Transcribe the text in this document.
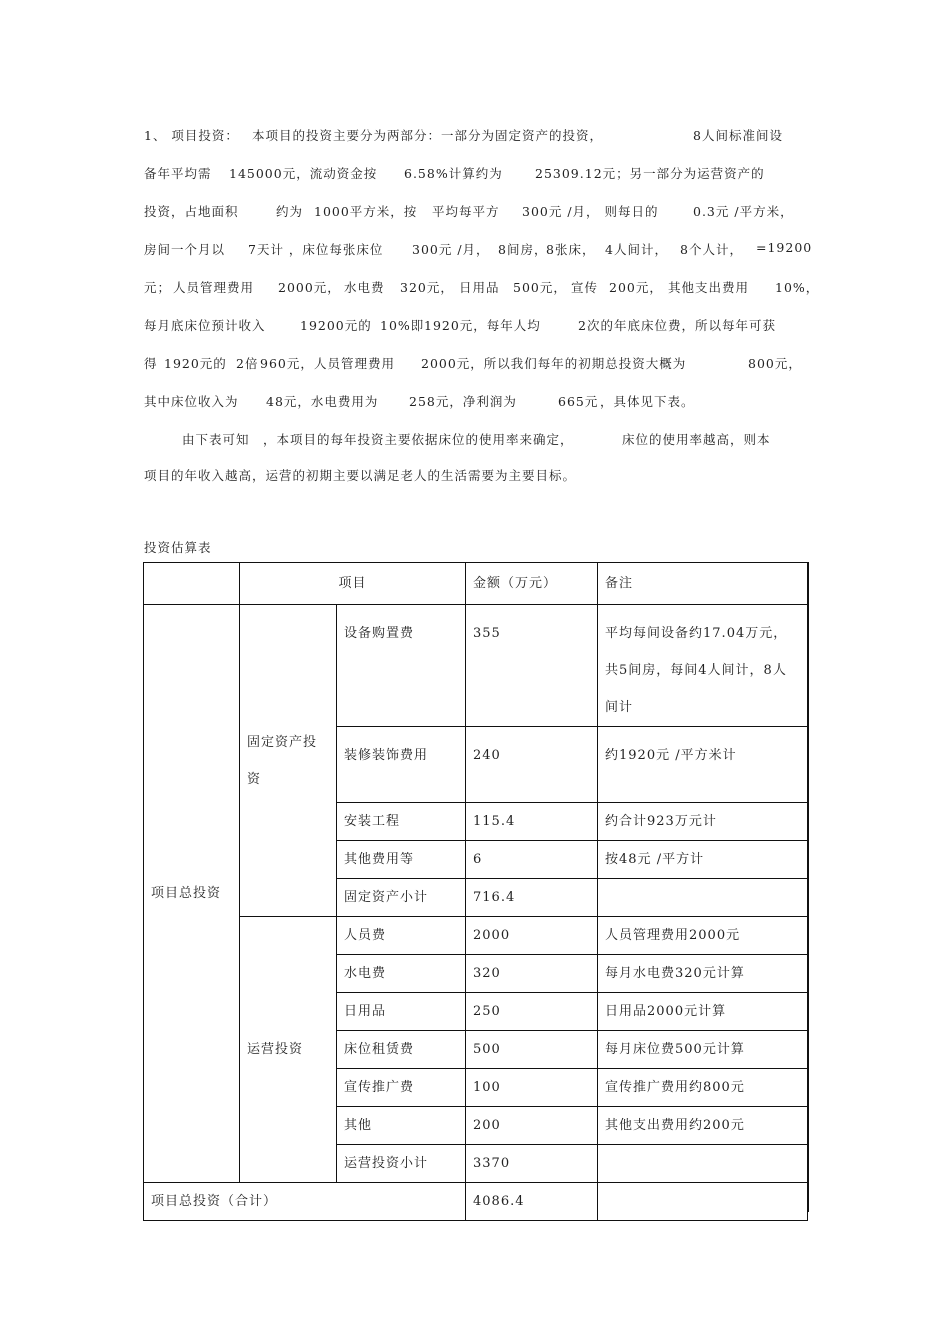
1、 项目投资： 本项目的投资主要分为两部分：一部分为固定资产的投资，	8人间标准间设
备年平均需 145000元，流动资金按 6.58%计算约为	25309.12元；另一部分为运营资产的
投资，占地面积	约为 1000平方米，按 平均每平方 300元 /月， 则每日的	0.3元 /平方米，
房间一个月以 7天计 ，床位每张床位 300元 /月， 8间房，
8张床， 4人间计， 8个人计， =19200
元； 人员管理费用 2000元， 水电费 320元， 日用品 500元， 宣传 200元， 其他支出费用 10%，
每月底床位预计收入	19200元的 10%即 1920元，每年人均	2次的年底床位费，所以每年可获
得 1920元的 2倍 960元， 人员管理费用 2000元，所以我们每年的初期总投资大概为	800元，
其中床位收入为 48元，水电费用为 258元，净利润为	665元 ，具体见下表。
由下表可知 ，本项目的每年投资主要依据床位的使用率来确定，	床位的使用率越高，则本
项目的年收入越高，运营的初期主要以满足老人的生活需要为主要目标。
投资估算表
	项目		金额（万元）	备注
项目总投资	固定资产投资	设备购置费	355	平均每间设备约17.04万元，共5间房，每间4人间计，8人间计
		装修装饰费用	240	约1920元 /平方米计
		安装工程	115.4	约合计923万元计
		其他费用等	6	按48元 /平方计
		固定资产小计	716.4	
	运营投资	人员费	2000	人员管理费用2000元
		水电费	320	每月水电费320元计算
		日用品	250	日用品2000元计算
		床位租赁费	500	每月床位费500元计算
		宣传推广费	100	宣传推广费用约800元
		其他	200	其他支出费用约200元
		运营投资小计	3370	
项目总投资（合计）			4086.4	
